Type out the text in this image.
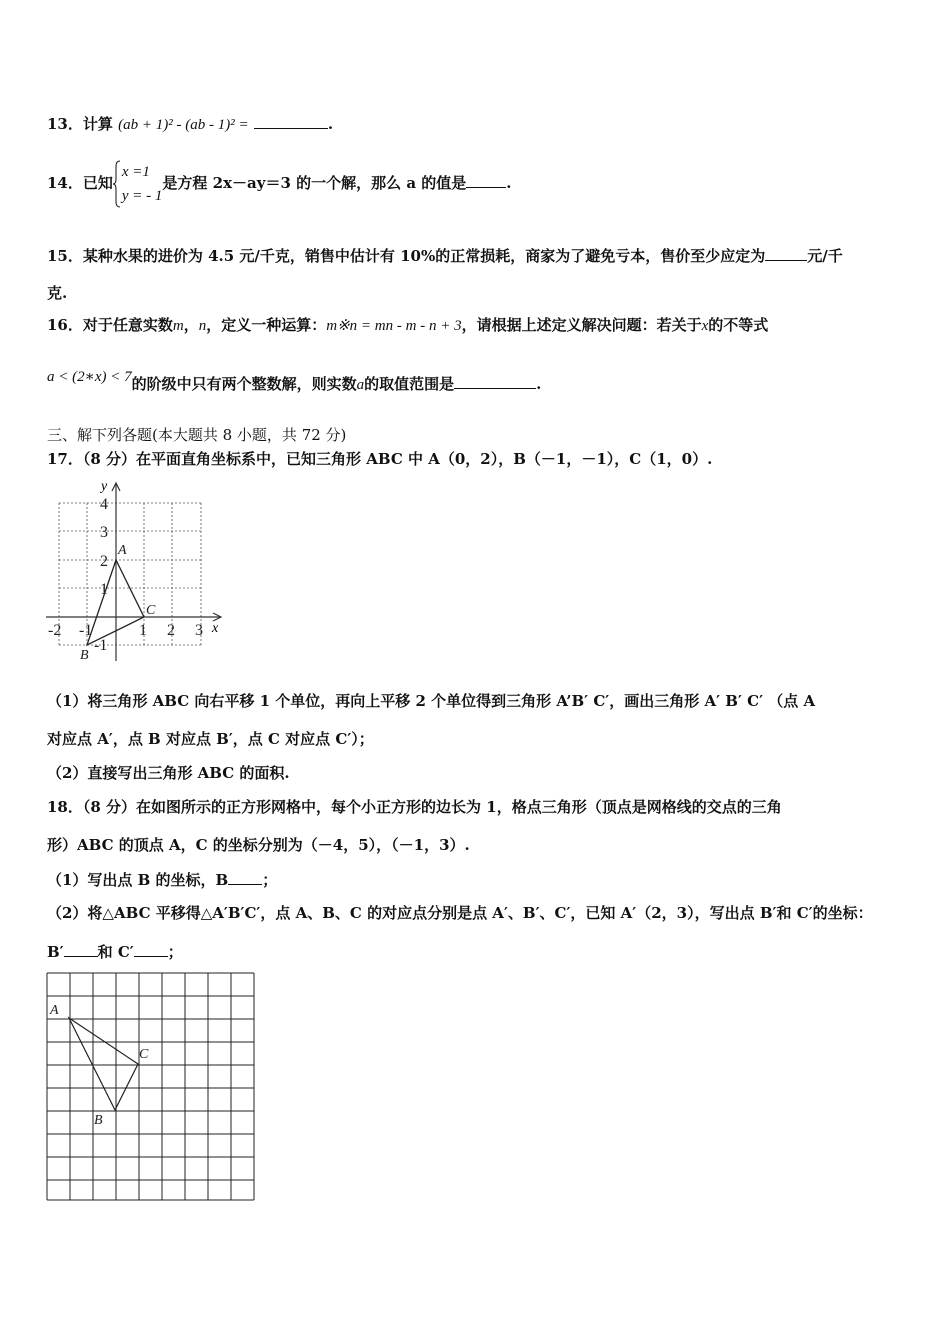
13．计算 (ab + 1)² - (ab - 1)² =	.
14．已知
x =1
y = - 1
是方程 2x－ay＝3 的一个解，那么 a 的值是	.
15．某种水果的进价为 4.5 元/千克，销售中估计有 10%的正常损耗，商家为了避免亏本，售价至少应定为	元/千
克.
16．对于任意实数m，n，定义一种运算：m※n = mn - m - n + 3，请根据上述定义解决问题：若关于x的不等式
a < (2∗x) < 7的阶级中只有两个整数解，则实数a的取值范围是	.
三、解下列各题(本大题共 8 小题，共 72 分)
17．（8 分）在平面直角坐标系中，已知三角形 ABC 中 A（0，2），B（－1，－1），C（1，0）.
x
y
-2 -1	1 2 3
4
3
2
1
-1
A
B
C
（1）将三角形 ABC 向右平移 1 个单位，再向上平移 2 个单位得到三角形 A’B′ C′，画出三角形 A′ B′ C′ （点 A
对应点 A′，点 B 对应点 B′，点 C 对应点 C′）；
（2）直接写出三角形 ABC 的面积.
18．（8 分）在如图所示的正方形网格中，每个小正方形的边长为 1，格点三角形（顶点是网格线的交点的三角
形）ABC 的顶点 A，C 的坐标分别为（－4，5），（－1，3）.
（1）写出点 B 的坐标，B ；
（2）将△ABC 平移得△A′B′C′，点 A、B、C 的对应点分别是点 A′、B′、C′，已知 A′（2，3），写出点 B′和 C′的坐标：
B′ 和 C′ ；
A
B
C
